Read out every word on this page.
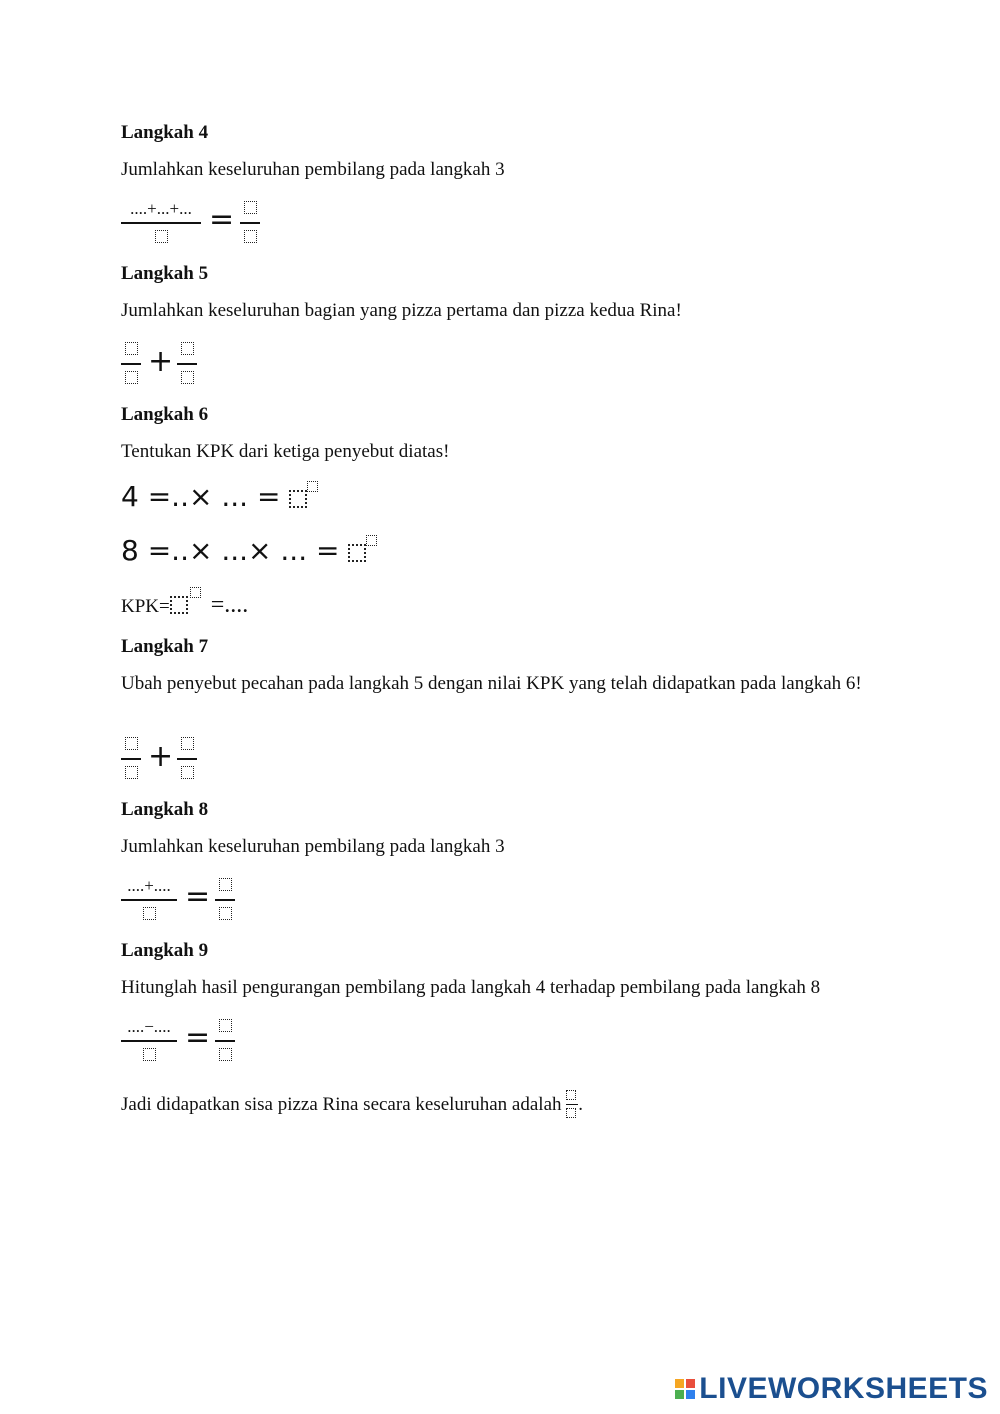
Langkah 4
Jumlahkan keseluruhan pembilang pada langkah 3
....+...+... =
Langkah 5
Jumlahkan keseluruhan bagian yang pizza pertama dan pizza kedua Rina!
+
Langkah 6
Tentukan KPK dari ketiga penyebut diatas!
4 =..× ... =
8 =..× ...× ... =
KPK= =....
Langkah 7
Ubah penyebut pecahan pada langkah 5 dengan nilai KPK yang telah didapatkan pada langkah 6!
+
Langkah 8
Jumlahkan keseluruhan pembilang pada langkah 3
....+.... =
Langkah 9
Hitunglah hasil pengurangan pembilang pada langkah 4 terhadap pembilang pada langkah 8
....−.... =
Jadi didapatkan sisa pizza Rina secara keseluruhan adalah .
LIVEWORKSHEETS
